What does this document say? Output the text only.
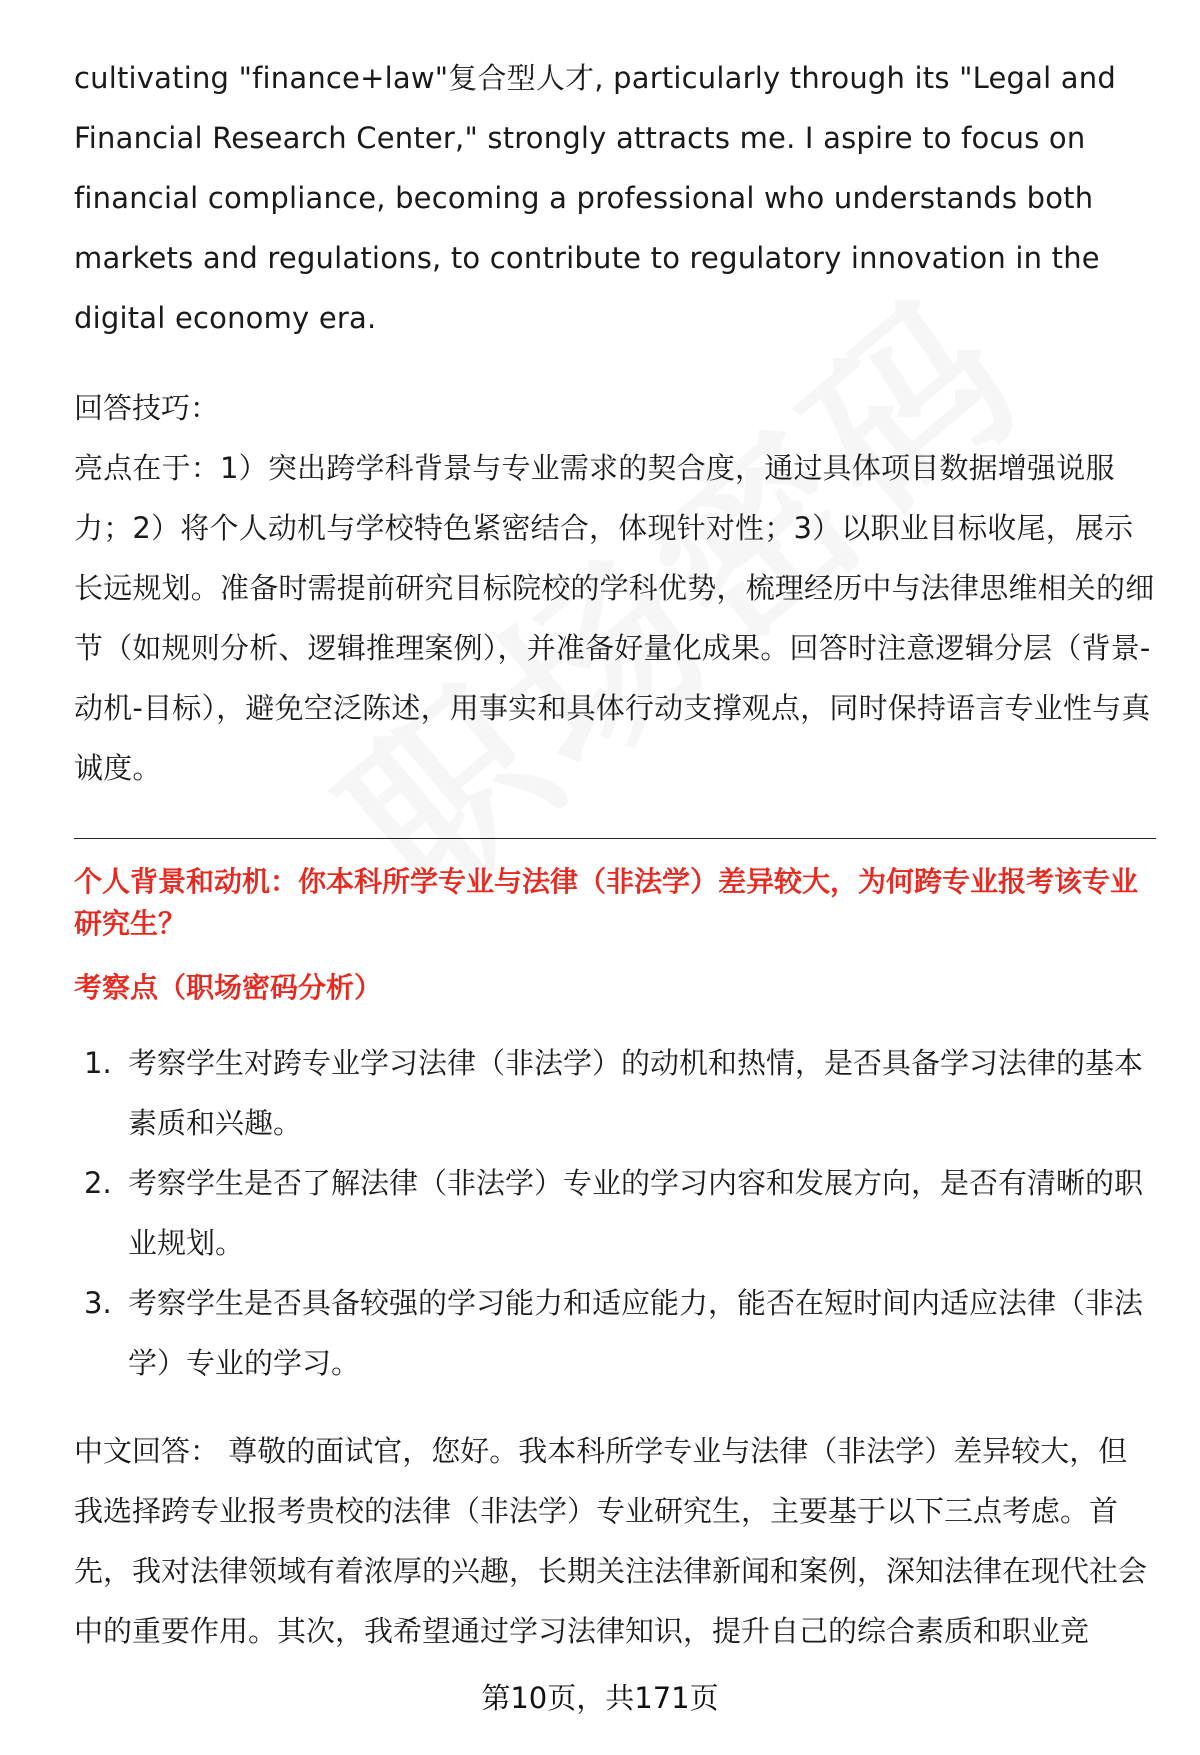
cultivating "finance+law"复合型人才, particularly through its "Legal and Financial Research Center," strongly attracts me. I aspire to focus on financial compliance, becoming a professional who understands both markets and regulations, to contribute to regulatory innovation in the digital economy era.

回答技巧：

亮点在于：1）突出跨学科背景与专业需求的契合度，通过具体项目数据增强说服力；2）将个人动机与学校特色紧密结合，体现针对性；3）以职业目标收尾，展示长远规划。准备时需提前研究目标院校的学科优势，梳理经历中与法律思维相关的细节（如规则分析、逻辑推理案例），并准备好量化成果。回答时注意逻辑分层（背景-动机-目标），避免空泛陈述，用事实和具体行动支撑观点，同时保持语言专业性与真诚度。

个人背景和动机：你本科所学专业与法律（非法学）差异较大，为何跨专业报考该专业研究生？

考察点（职场密码分析）

1. 考察学生对跨专业学习法律（非法学）的动机和热情，是否具备学习法律的基本素质和兴趣。
2. 考察学生是否了解法律（非法学）专业的学习内容和发展方向，是否有清晰的职业规划。
3. 考察学生是否具备较强的学习能力和适应能力，能否在短时间内适应法律（非法学）专业的学习。

中文回答： 尊敬的面试官，您好。我本科所学专业与法律（非法学）差异较大，但我选择跨专业报考贵校的法律（非法学）专业研究生，主要基于以下三点考虑。首先，我对法律领域有着浓厚的兴趣，长期关注法律新闻和案例，深知法律在现代社会中的重要作用。其次，我希望通过学习法律知识，提升自己的综合素质和职业竞

第10页，共171页
